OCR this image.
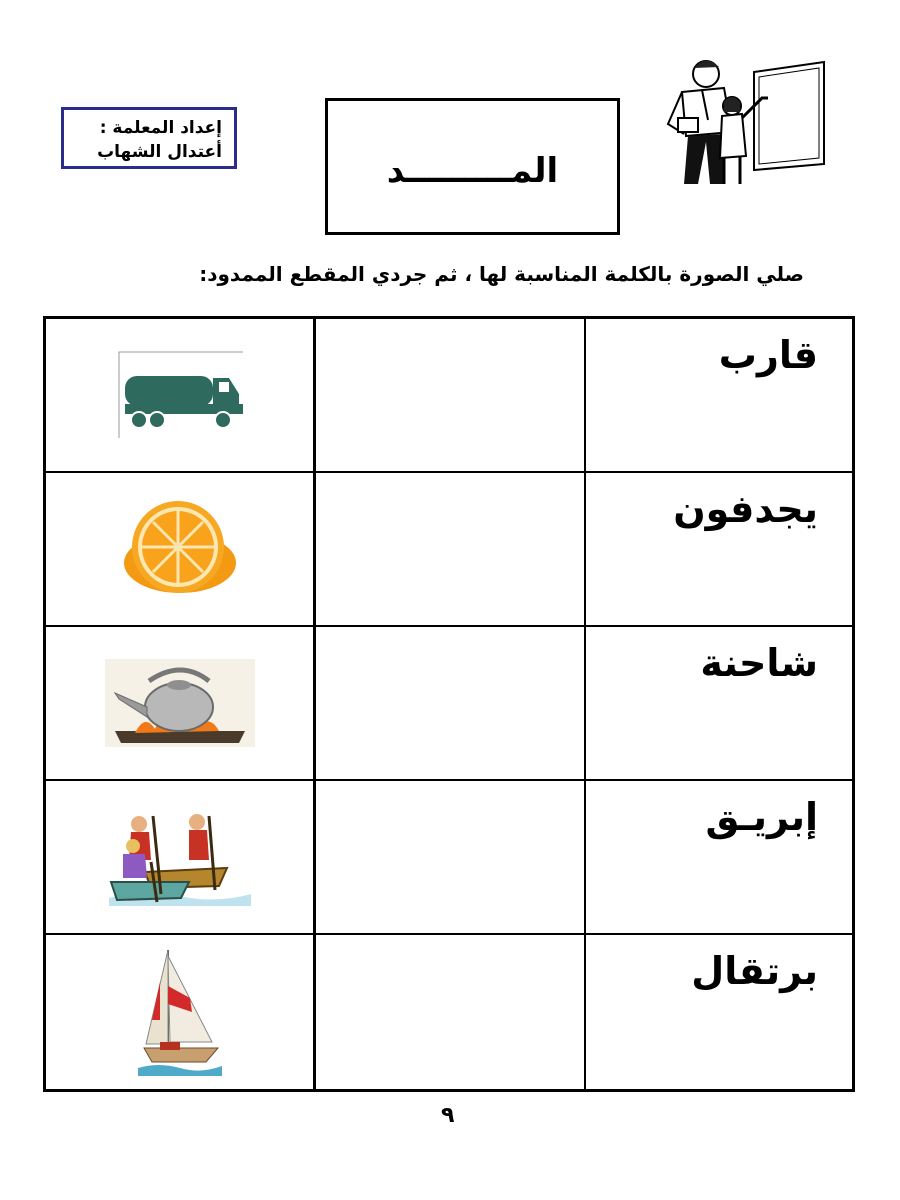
إعداد المعلمة :
أعتدال الشهاب	المـــــــــد
صلي الصورة بالكلمة المناسبة لها ، ثم جردي المقطع الممدود:
قارب
يجدفون
شاحنة
إبريـق
برتقال
٩
